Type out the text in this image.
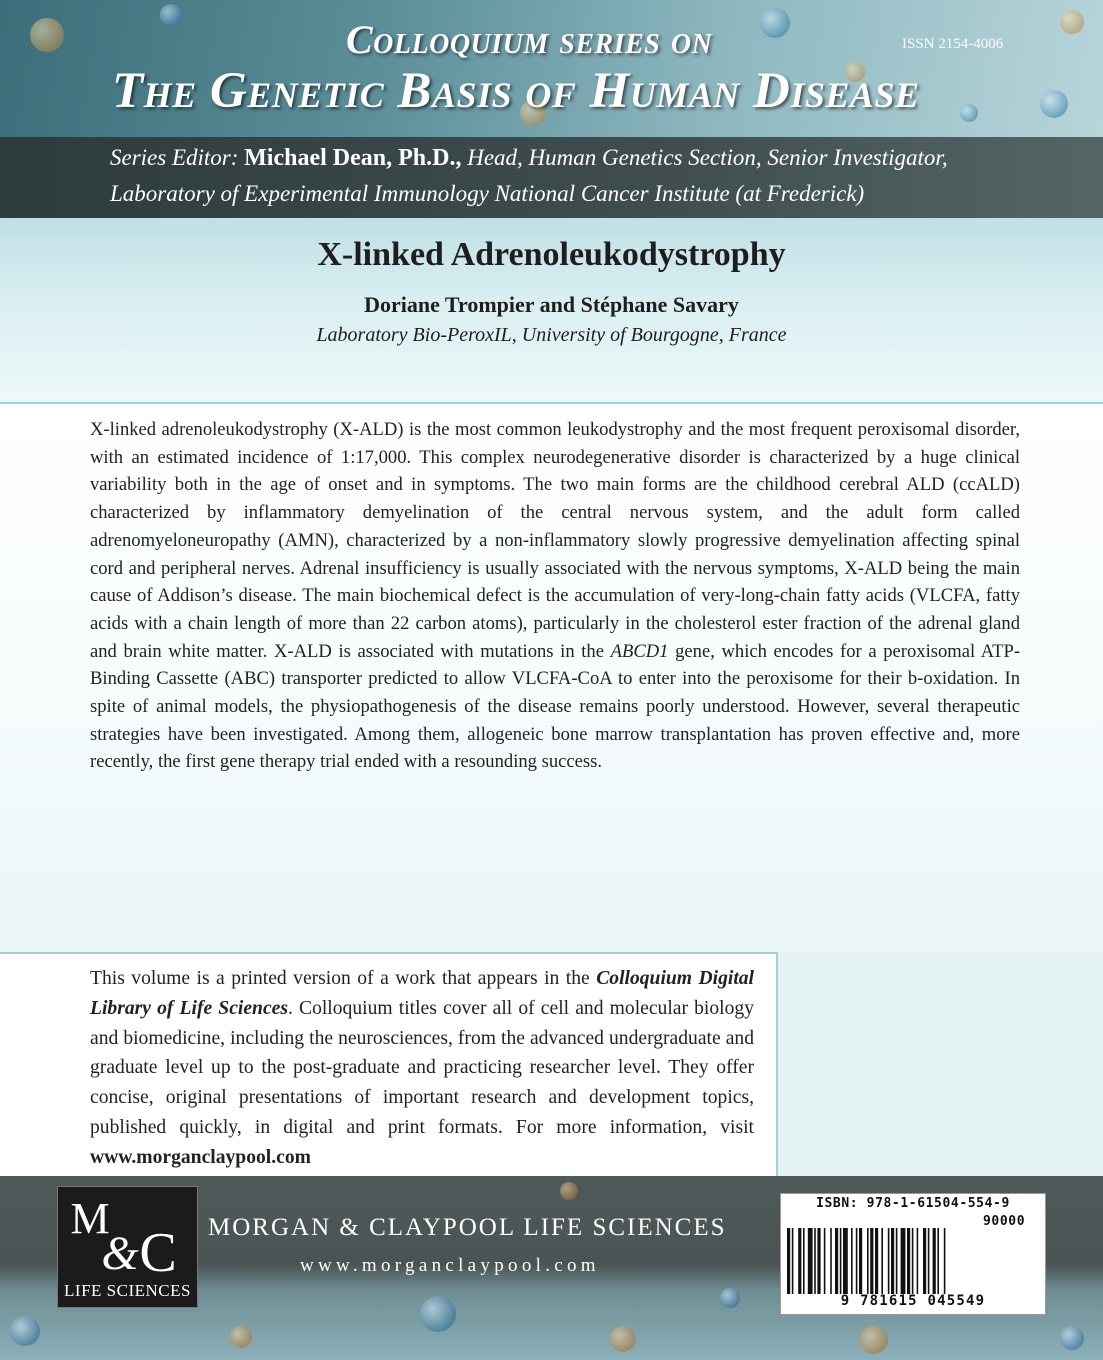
Colloquium series on
The Genetic Basis of Human Disease
ISSN 2154-4006

Series Editor: Michael Dean, Ph.D., Head, Human Genetics Section, Senior Investigator,

Laboratory of Experimental Immunology National Cancer Institute (at Frederick)

X-linked Adrenoleukodystrophy

Doriane Trompier and Stéphane Savary

Laboratory Bio-PeroxIL, University of Bourgogne, France

X-linked adrenoleukodystrophy (X-ALD) is the most common leukodystrophy and the most frequent peroxisomal disorder, with an estimated incidence of 1:17,000. This complex neurodegenerative disorder is characterized by a huge clinical variability both in the age of onset and in symptoms. The two main forms are the childhood cerebral ALD (ccALD) characterized by inflammatory demyelination of the central nervous system, and the adult form called adrenomyeloneuropathy (AMN), characterized by a non-inflammatory slowly progressive demyelination affecting spinal cord and peripheral nerves. Adrenal insufficiency is usually associated with the nervous symptoms, X-ALD being the main cause of Addison’s disease. The main biochemical defect is the accumulation of very-long-chain fatty acids (VLCFA, fatty acids with a chain length of more than 22 carbon atoms), particularly in the cholesterol ester fraction of the adrenal gland and brain white matter. X-ALD is associated with mutations in the ABCD1 gene, which encodes for a peroxisomal ATP-Binding Cassette (ABC) transporter predicted to allow VLCFA-CoA to enter into the peroxisome for their b-oxidation. In spite of animal models, the physiopathogenesis of the disease remains poorly understood. However, several therapeutic strategies have been investigated. Among them, allogeneic bone marrow transplantation has proven effective and, more recently, the first gene therapy trial ended with a resounding success.

This volume is a printed version of a work that appears in the Colloquium Digital Library of Life Sciences. Colloquium titles cover all of cell and molecular biology and biomedicine, including the neurosciences, from the advanced undergraduate and graduate level up to the post-graduate and practicing researcher level. They offer concise, original presentations of important research and development topics, published quickly, in digital and print formats. For more information, visit www.morganclaypool.com

M
& C
LIFE SCIENCES

MORGAN & CLAYPOOL LIFE SCIENCES

www.morganclaypool.com

ISBN: 978-1-61504-554-9
90000
9 781615 045549
